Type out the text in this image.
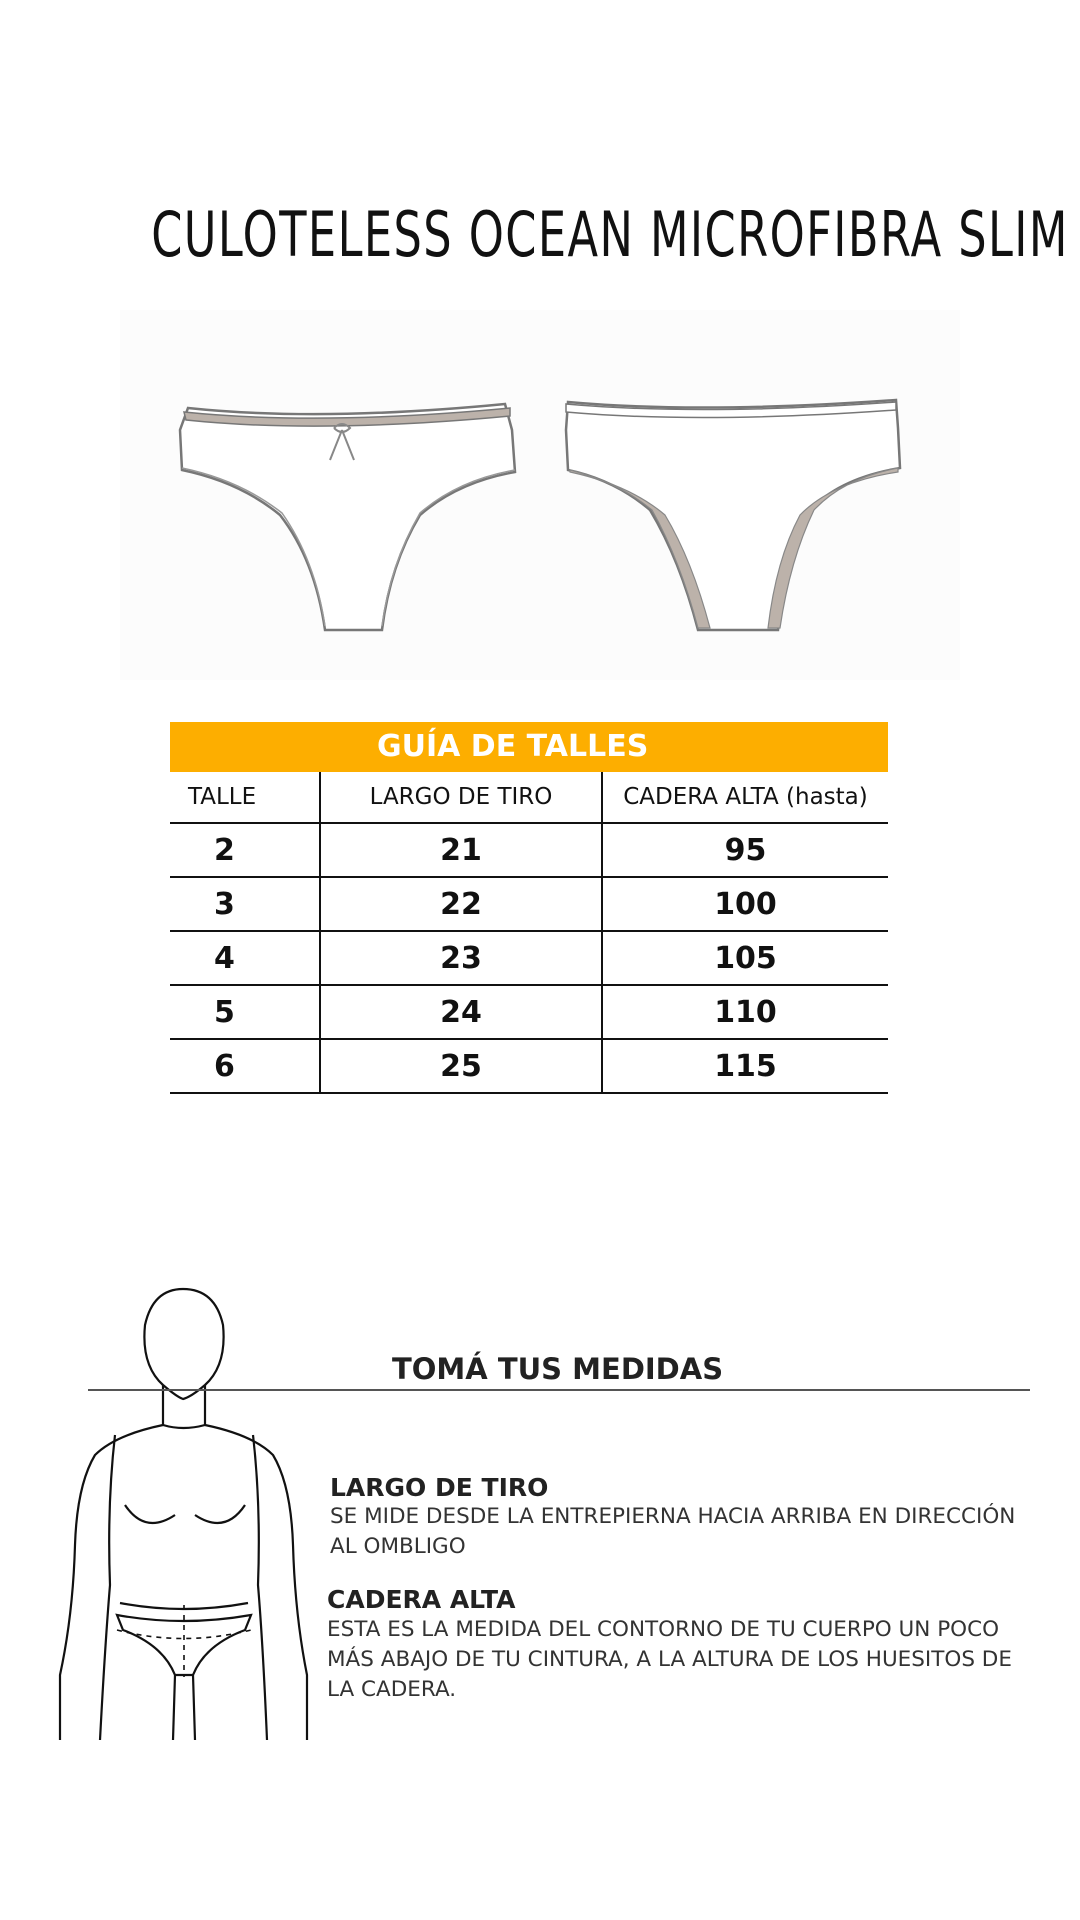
CULOTELESS OCEAN MICROFIBRA SLIM
GUÍA DE TALLES
TALLE	LARGO DE TIRO	CADERA ALTA (hasta)
2	21	95
3	22	100
4	23	105
5	24	110
6	25	115
TOMÁ TUS MEDIDAS
LARGO DE TIRO
SE MIDE DESDE LA ENTREPIERNA HACIA ARRIBA EN DIRECCIÓN
AL OMBLIGO
CADERA ALTA
ESTA ES LA MEDIDA DEL CONTORNO DE TU CUERPO UN POCO
MÁS ABAJO DE TU CINTURA, A LA ALTURA DE LOS HUESITOS DE
LA CADERA.
